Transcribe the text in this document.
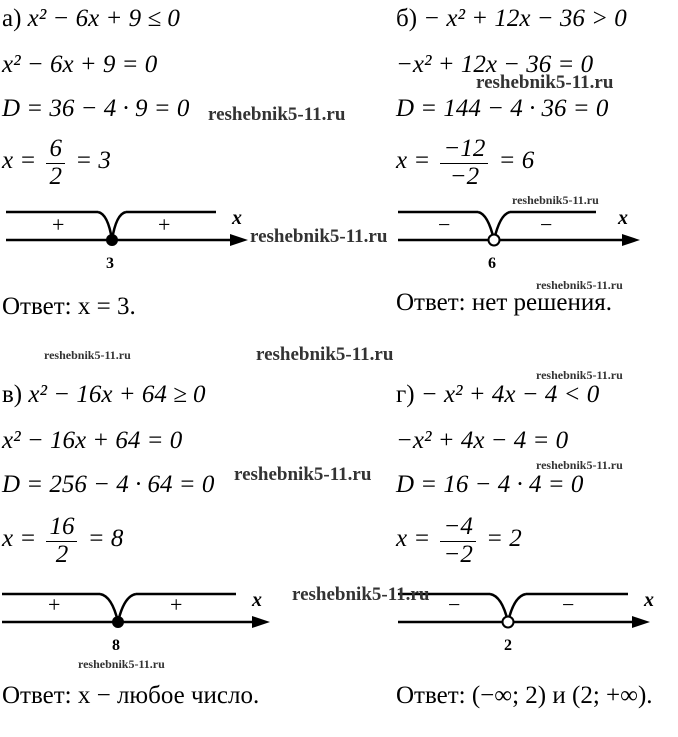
а) x² − 6x + 9 ≤ 0
x² − 6x + 9 = 0
D = 36 − 4 · 9 = 0
$x = \frac{6}{2} = 3$
+	+	x
3
Ответ: x = 3.
б) − x² + 12x − 36 > 0
−x² + 12x − 36 = 0
D = 144 − 4 · 36 = 0
$x = \frac{-12}{-2} = 6$
−	−	x
6
Ответ: нет решения.
в) x² − 16x + 64 ≥ 0
x² − 16x + 64 = 0
D = 256 − 4 · 64 = 0
$x = \frac{16}{2} = 8$
+	+	x
8
Ответ: x − любое число.
г) − x² + 4x − 4 < 0
−x² + 4x − 4 = 0
D = 16 − 4 · 4 = 0
$x = \frac{-4}{-2} = 2$
−	−	x
2
Ответ: (−∞; 2) и (2; +∞).
reshebnik5-11.ru
reshebnik5-11.ru
reshebnik5-11.ru
reshebnik5-11.ru
reshebnik5-11.ru
reshebnik5-11.ru	reshebnik5-11.ru
reshebnik5-11.ru
reshebnik5-11.ru
reshebnik5-11.ru
reshebnik5-11.ru
reshebnik5-11.ru
